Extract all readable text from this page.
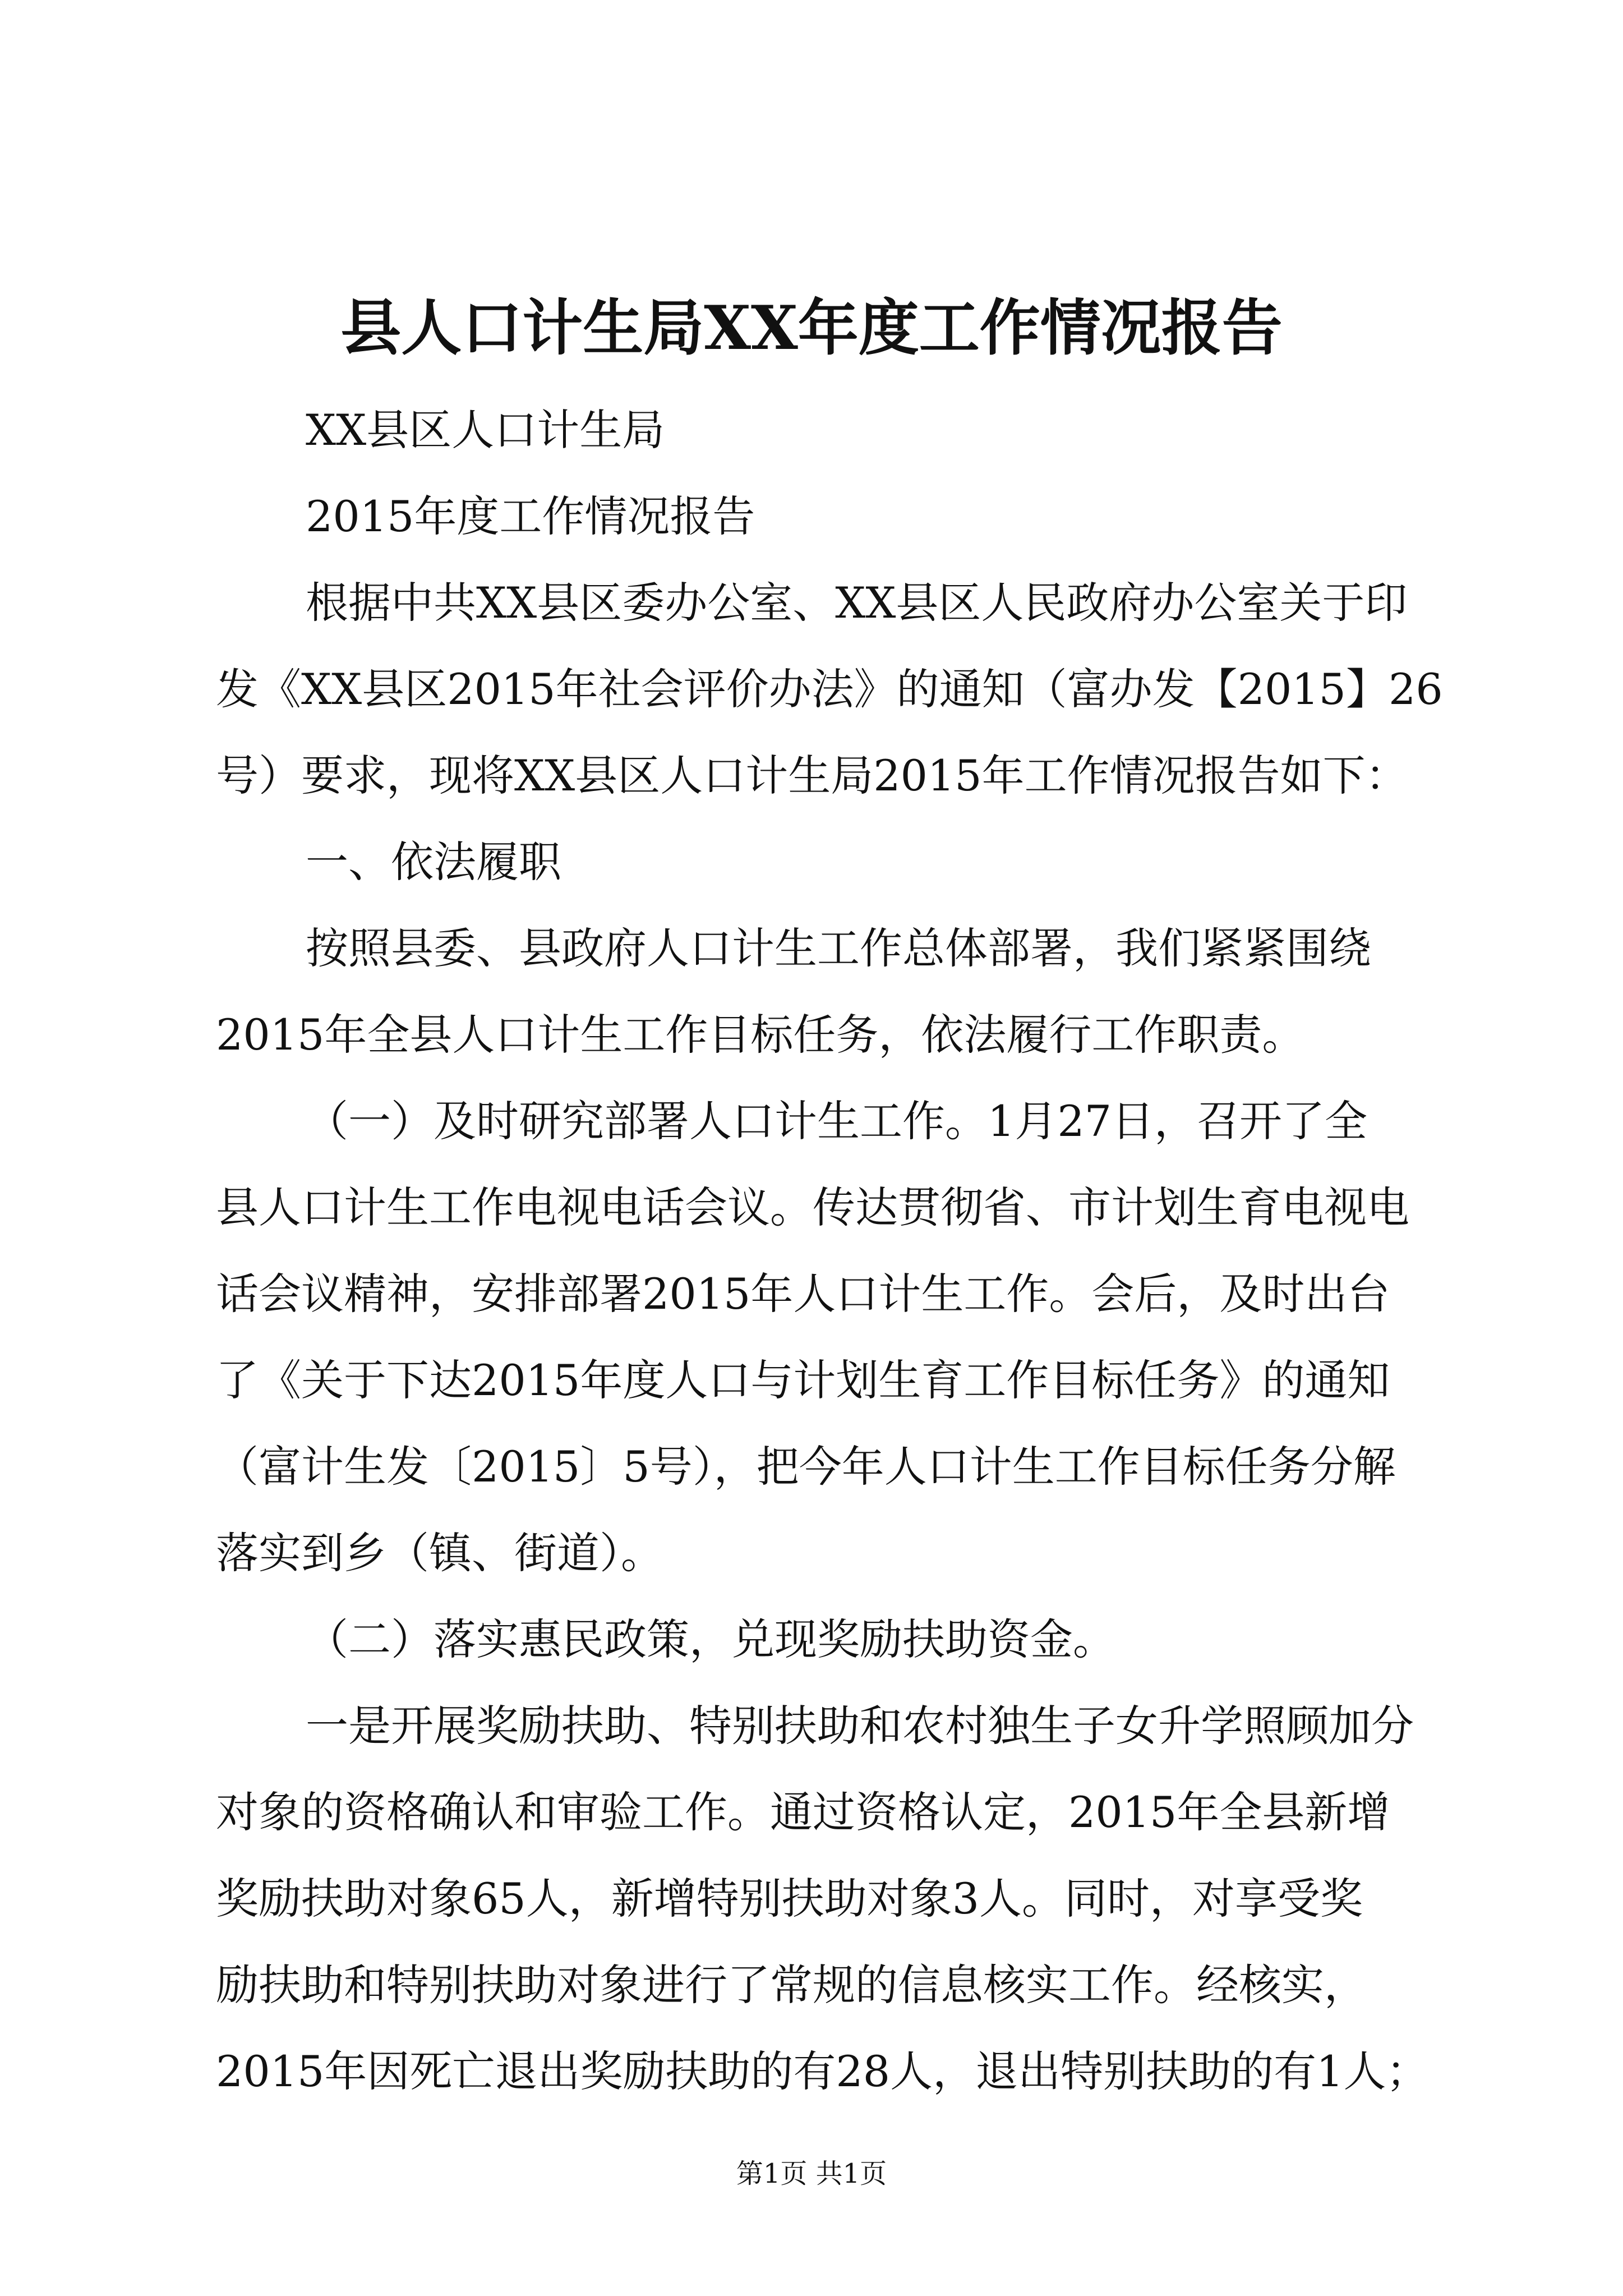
县人口计生局XX年度工作情况报告
XX县区人口计生局
2015年度工作情况报告
根据中共XX县区委办公室、XX县区人民政府办公室关于印
发《XX县区2015年社会评价办法》的通知（富办发【2015】26
号）要求，现将XX县区人口计生局2015年工作情况报告如下：
一、依法履职
按照县委、县政府人口计生工作总体部署，我们紧紧围绕
2015年全县人口计生工作目标任务，依法履行工作职责。
（一）及时研究部署人口计生工作。1月27日，召开了全
县人口计生工作电视电话会议。传达贯彻省、市计划生育电视电
话会议精神，安排部署2015年人口计生工作。会后，及时出台
了《关于下达2015年度人口与计划生育工作目标任务》的通知
（富计生发〔2015〕5号），把今年人口计生工作目标任务分解
落实到乡（镇、街道）。
（二）落实惠民政策，兑现奖励扶助资金。
一是开展奖励扶助、特别扶助和农村独生子女升学照顾加分
对象的资格确认和审验工作。通过资格认定，2015年全县新增
奖励扶助对象65人，新增特别扶助对象3人。同时，对享受奖
励扶助和特别扶助对象进行了常规的信息核实工作。经核实，
2015年因死亡退出奖励扶助的有28人，退出特别扶助的有1人；
第1页 共1页
